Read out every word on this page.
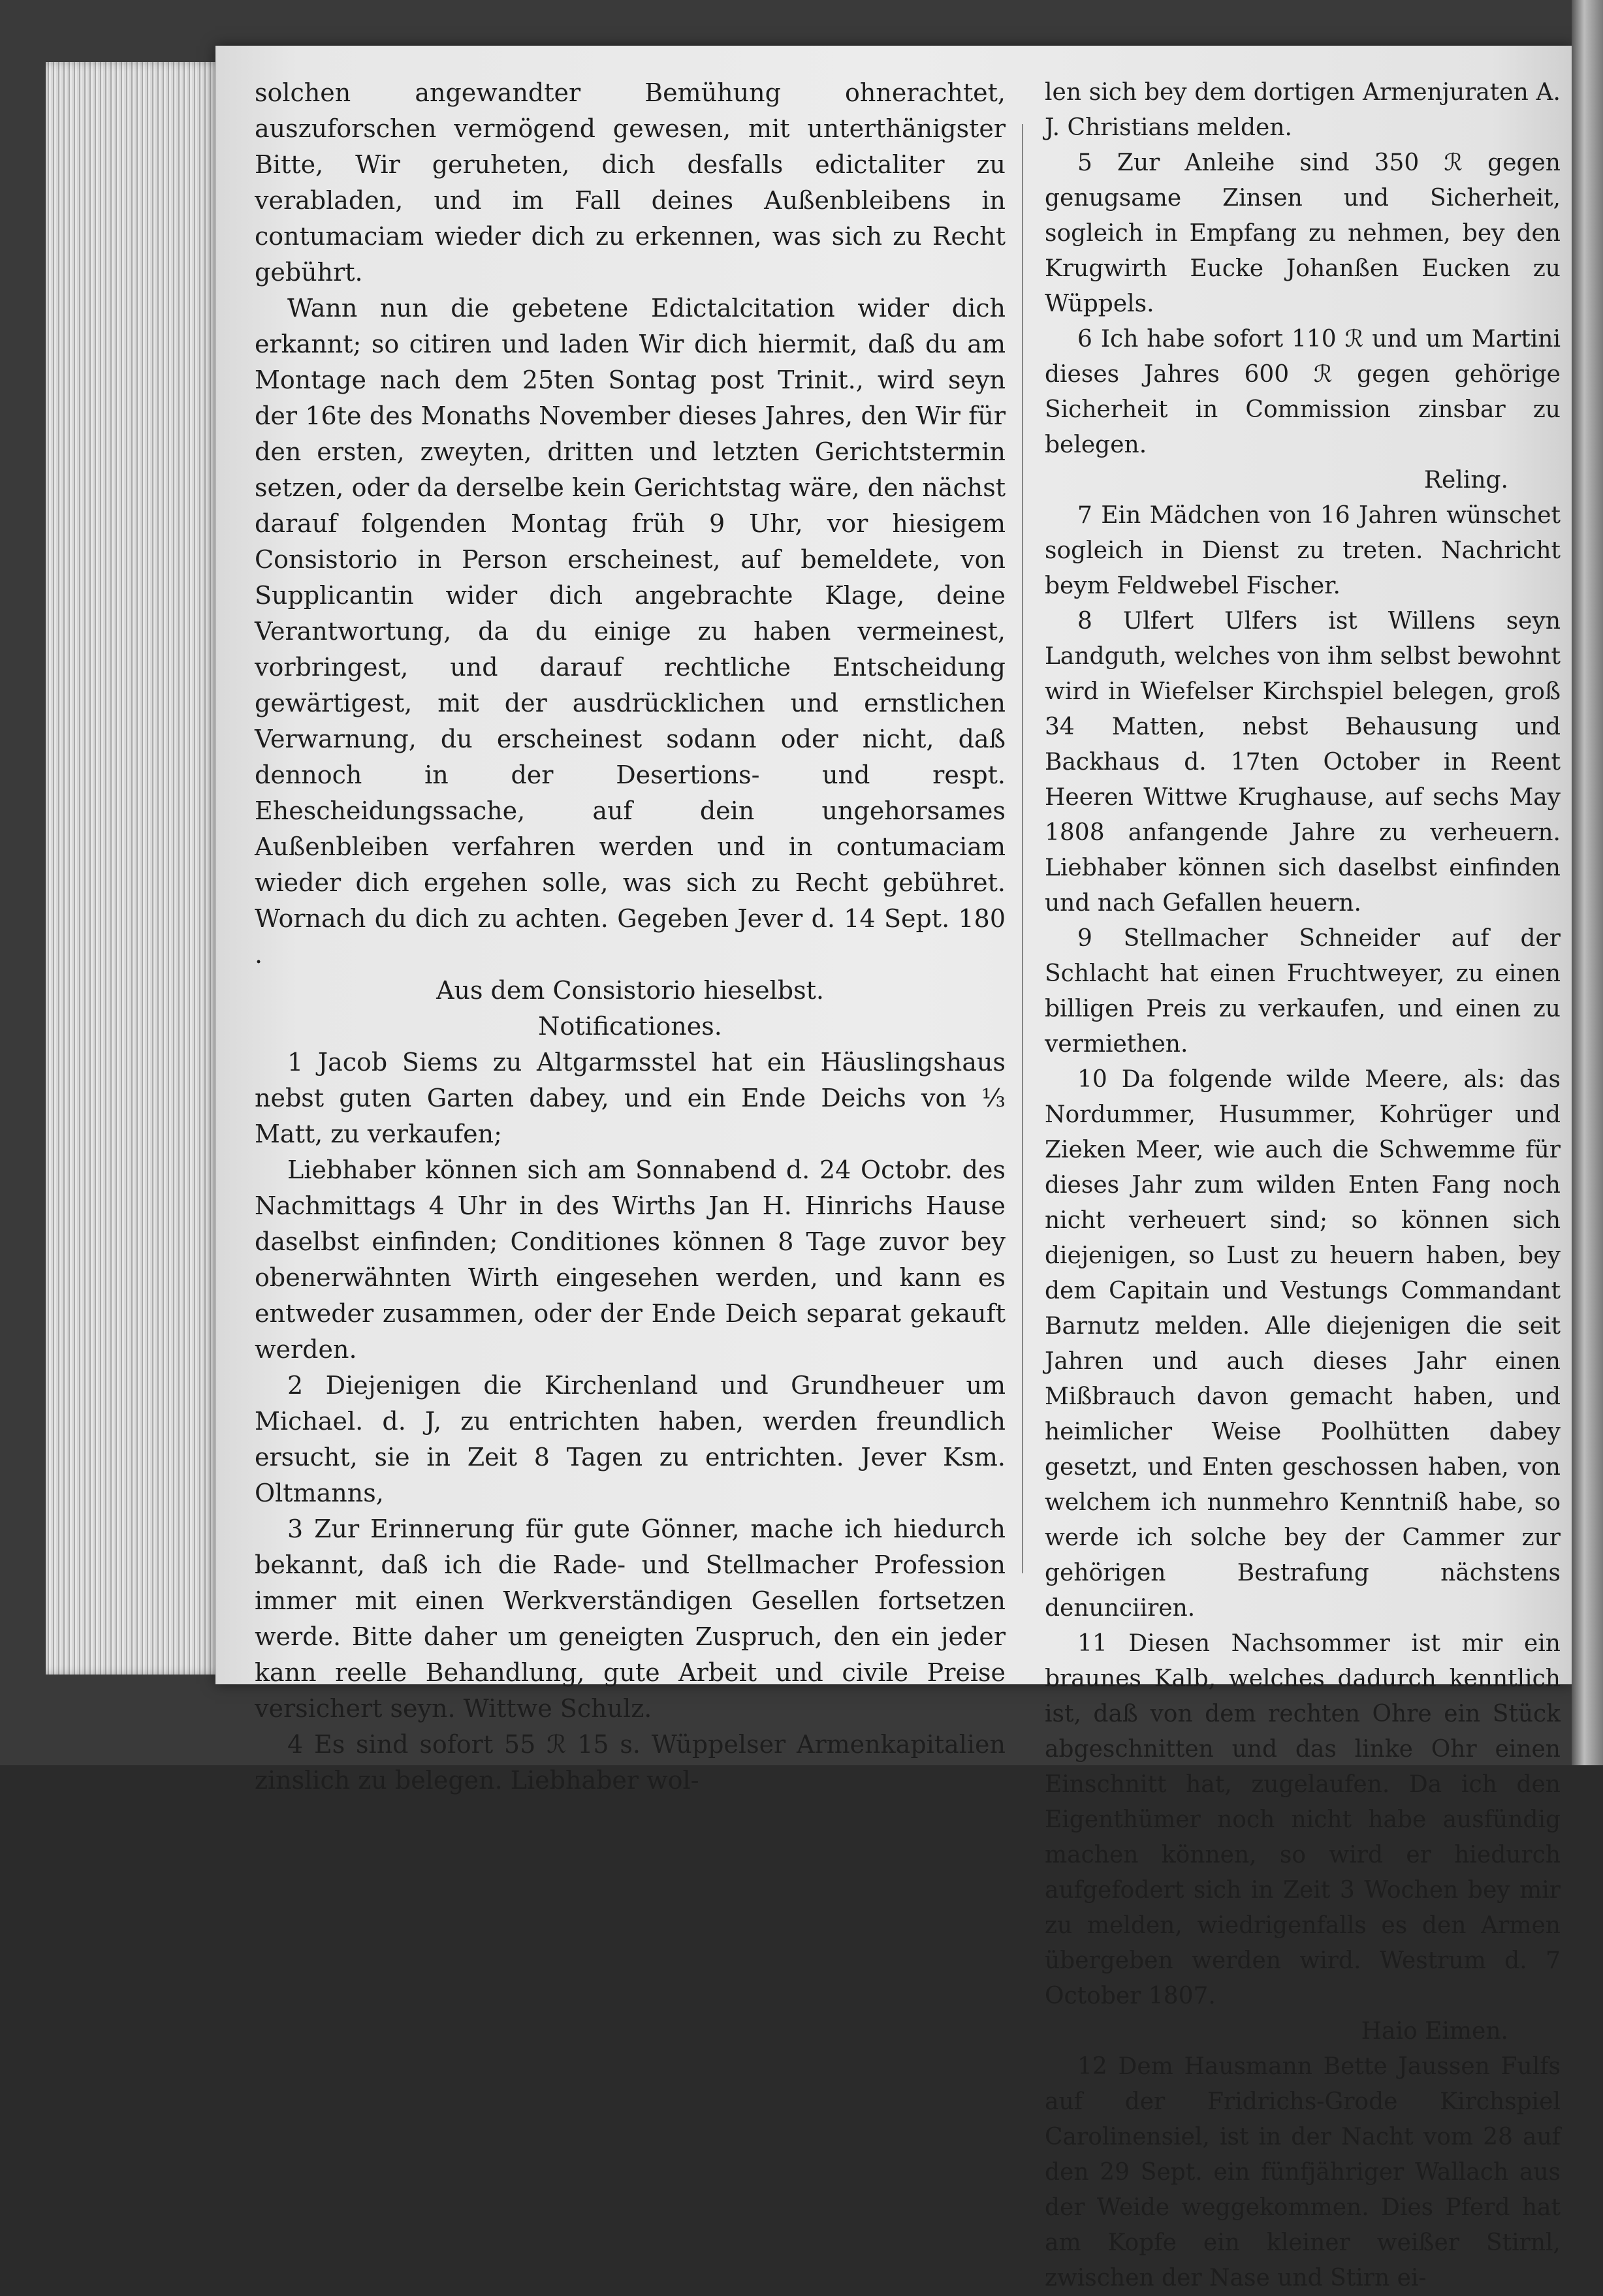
solchen angewandter Bemühung ohnerachtet, auszuforschen vermögend gewesen, mit unterthänigster Bitte, Wir geruheten, dich desfalls edictaliter zu verabladen, und im Fall deines Außenbleibens in contumaciam wieder dich zu erkennen, was sich zu Recht gebührt.

Wann nun die gebetene Edictalcitation wider dich erkannt; so citiren und laden Wir dich hiermit, daß du am Montage nach dem 25ten Sontag post Trinit., wird seyn der 16te des Monaths November dieses Jahres, den Wir für den ersten, zweyten, dritten und letzten Gerichtstermin setzen, oder da derselbe kein Gerichtstag wäre, den nächst darauf folgenden Montag früh 9 Uhr, vor hiesigem Consistorio in Person erscheinest, auf bemeldete, von Supplicantin wider dich angebrachte Klage, deine Verantwortung, da du einige zu haben vermeinest, vorbringest, und darauf rechtliche Entscheidung gewärtigest, mit der ausdrücklichen und ernstlichen Verwarnung, du erscheinest sodann oder nicht, daß dennoch in der Desertions- und respt. Ehescheidungssache, auf dein ungehorsames Außenbleiben verfahren werden und in contumaciam wieder dich ergehen solle, was sich zu Recht gebühret. Wornach du dich zu achten. Gegeben Jever d. 14 Sept. 180 .

Aus dem Consistorio hieselbst.

Notificationes.

1 Jacob Siems zu Altgarmsstel hat ein Häuslingshaus nebst guten Garten dabey, und ein Ende Deichs von ⅓ Matt, zu verkaufen;

Liebhaber können sich am Sonnabend d. 24 Octobr. des Nachmittags 4 Uhr in des Wirths Jan H. Hinrichs Hause daselbst einfinden; Conditiones können 8 Tage zuvor bey obenerwähnten Wirth eingesehen werden, und kann es entweder zusammen, oder der Ende Deich separat gekauft werden.

2 Diejenigen die Kirchenland und Grundheuer um Michael. d. J, zu entrichten haben, werden freundlich ersucht, sie in Zeit 8 Tagen zu entrichten. Jever Ksm. Oltmanns,

3 Zur Erinnerung für gute Gönner, mache ich hiedurch bekannt, daß ich die Rade- und Stellmacher Profession immer mit einen Werkverständigen Gesellen fortsetzen werde. Bitte daher um geneigten Zuspruch, den ein jeder kann reelle Behandlung, gute Arbeit und civile Preise versichert seyn. Wittwe Schulz.

4 Es sind sofort 55 ℛ 15 s. Wüppelser Armenkapitalien zinslich zu belegen. Liebhaber wol-

len sich bey dem dortigen Armenjuraten A. J. Christians melden.

5 Zur Anleihe sind 350 ℛ gegen genugsame Zinsen und Sicherheit, sogleich in Empfang zu nehmen, bey den Krugwirth Eucke Johanßen Eucken zu Wüppels.

6 Ich habe sofort 110 ℛ und um Martini dieses Jahres 600 ℛ gegen gehörige Sicherheit in Commission zinsbar zu belegen.

Reling.

7 Ein Mädchen von 16 Jahren wünschet sogleich in Dienst zu treten. Nachricht beym Feldwebel Fischer.

8 Ulfert Ulfers ist Willens seyn Landguth, welches von ihm selbst bewohnt wird in Wiefelser Kirchspiel belegen, groß 34 Matten, nebst Behausung und Backhaus d. 17ten October in Reent Heeren Wittwe Krughause, auf sechs May 1808 anfangende Jahre zu verheuern. Liebhaber können sich daselbst einfinden und nach Gefallen heuern.

9 Stellmacher Schneider auf der Schlacht hat einen Fruchtweyer, zu einen billigen Preis zu verkaufen, und einen zu vermiethen.

10 Da folgende wilde Meere, als: das Nordummer, Husummer, Kohrüger und Zieken Meer, wie auch die Schwemme für dieses Jahr zum wilden Enten Fang noch nicht verheuert sind; so können sich diejenigen, so Lust zu heuern haben, bey dem Capitain und Vestungs Commandant Barnutz melden. Alle diejenigen die seit Jahren und auch dieses Jahr einen Mißbrauch davon gemacht haben, und heimlicher Weise Poolhütten dabey gesetzt, und Enten geschossen haben, von welchem ich nunmehro Kenntniß habe, so werde ich solche bey der Cammer zur gehörigen Bestrafung nächstens denunciiren.

11 Diesen Nachsommer ist mir ein braunes Kalb, welches dadurch kenntlich ist, daß von dem rechten Ohre ein Stück abgeschnitten und das linke Ohr einen Einschnitt hat, zugelaufen. Da ich den Eigenthümer noch nicht habe ausfündig machen können, so wird er hiedurch aufgefodert sich in Zeit 3 Wochen bey mir zu melden, wiedrigenfalls es den Armen übergeben werden wird. Westrum d. 7 October 1807.

Haio Eimen.

12 Dem Hausmann Bette Jaussen Fulfs auf der Fridrichs-Grode Kirchspiel Carolinensiel, ist in der Nacht vom 28 auf den 29 Sept. ein fünfjähriger Wallach aus der Weide weggekommen. Dies Pferd hat am Kopfe ein kleiner weißer Stirnl, zwischen der Nase und Stirn ei-
